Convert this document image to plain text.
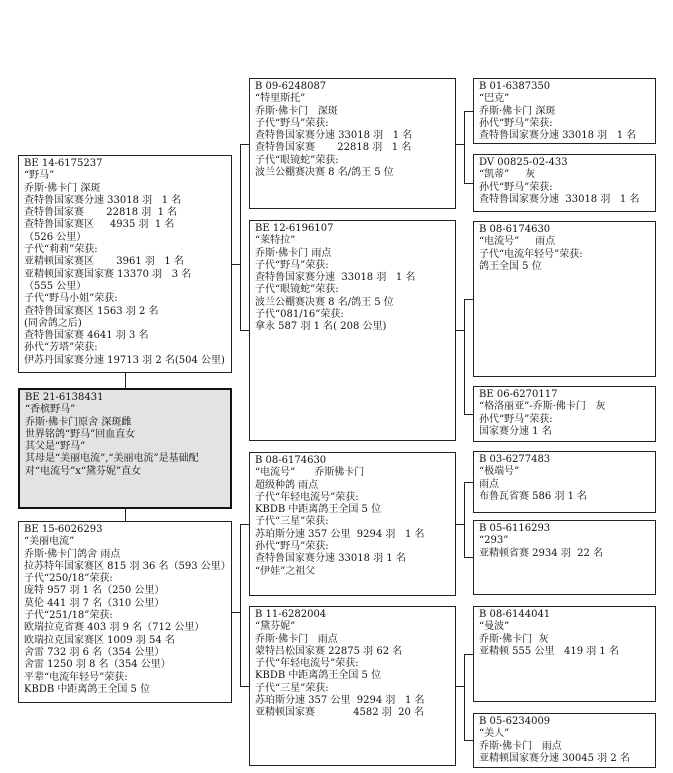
BE 14-6175237
“野马”
乔斯·佛卡门 深斑
查特鲁国家赛分速 33018 羽   1 名
查特鲁国家赛       22818 羽  1 名
查特鲁国家赛区     4935 羽  1 名
（526 公里）
子代“莉莉”荣获:
亚精顿国家赛区       3961 羽   1 名
亚精顿国家赛国家赛 13370 羽   3 名
（555 公里）
子代“野马小姐”荣获:
查特鲁国家赛区 1563 羽 2 名
(同舍鸽之后)
查特鲁国家赛 4641 羽 3 名
孙代“芳塔”荣获:
伊苏丹国家赛分速 19713 羽 2 名(504 公里)
BE 21-6138431
“香槟野马”
乔斯·佛卡门原舍 深斑雌
世界铭鸽“野马”回血直女
其父是“野马”
其母是“美丽电流”,“美丽电流”是基础配
对“电流号”x“黛芬妮”直女
BE 15-6026293
“美丽电流”
乔斯·佛卡门鸽舍 雨点
拉苏特年国家赛区 815 羽 36 名（593 公里）
子代“250/18”荣获:
庞特 957 羽 1 名（250 公里）
莫伦 441 羽 7 名（310 公里）
子代“251/18”荣获:
欧瑞拉克省赛 403 羽 9 名（712 公里）
欧瑞拉克国家赛区 1009 羽 54 名
舍雷 732 羽 6 名（354 公里）
舍雷 1250 羽 8 名（354 公里）
平辈“电流年轻号”荣获:
KBDB 中距离鸽王全国 5 位
B 09-6248087
“特里斯托”
乔斯·佛卡门   深斑
子代“野马”荣获:
查特鲁国家赛分速 33018 羽   1 名
查特鲁国家赛       22818 羽   1 名
子代“眼镜蛇”荣获:
波兰公棚赛决赛 8 名/鸽王 5 位
BE 12-6196107
“莱特拉”
乔斯·佛卡门 雨点
子代“野马”荣获:
查特鲁国家赛分速  33018 羽   1 名
子代“眼镜蛇”荣获:
波兰公棚赛决赛 8 名/鸽王 5 位
子代“081/16”荣获:
拿永 587 羽 1 名( 208 公里)
B 08-6174630
“电流号”      乔斯佛卡门
超级种鸽 雨点
子代“年轻电流号”荣获:
KBDB 中距离鸽王全国 5 位
子代“三星”荣获:
苏珀斯分速 357 公里  9294 羽   1 名
孙代“野马”荣获:
查特鲁国家赛分速 33018 羽 1 名
“伊娃”之祖父
B 11-6282004
“黛芬妮”
乔斯·佛卡门   雨点
蒙特吕松国家赛 22875 羽 62 名
子代“年轻电流号”荣获:
KBDB 中距离鸽王全国 5 位
子代“三星”荣获:
苏珀斯分速 357 公里  9294 羽   1 名
亚精顿国家赛            4582 羽  20 名
B 01-6387350
“巴克”
乔斯·佛卡门 深斑
孙代“野马”荣获:
查特鲁国家赛分速 33018 羽   1 名
DV 00825-02-433
“凯蒂”     灰
孙代“野马”荣获:
查特鲁国家赛分速  33018 羽   1 名
B 08-6174630
“电流号”     雨点
子代“电流年轻号”荣获:
鸽王全国 5 位
BE 06-6270117
“格洛丽亚”-乔斯·佛卡门   灰
孙代“野马”荣获:
国家赛分速 1 名
B 03-6277483
“极端号”
雨点
布鲁瓦省赛 586 羽 1 名
B 05-6116293
“293”
亚精顿省赛 2934 羽  22 名
B 08-6144041
“曼波”
乔斯·佛卡门  灰
亚精顿 555 公里   419 羽 1 名
B 05-6234009
“美人”
乔斯·佛卡门   雨点
亚精顿国家赛分速 30045 羽 2 名
